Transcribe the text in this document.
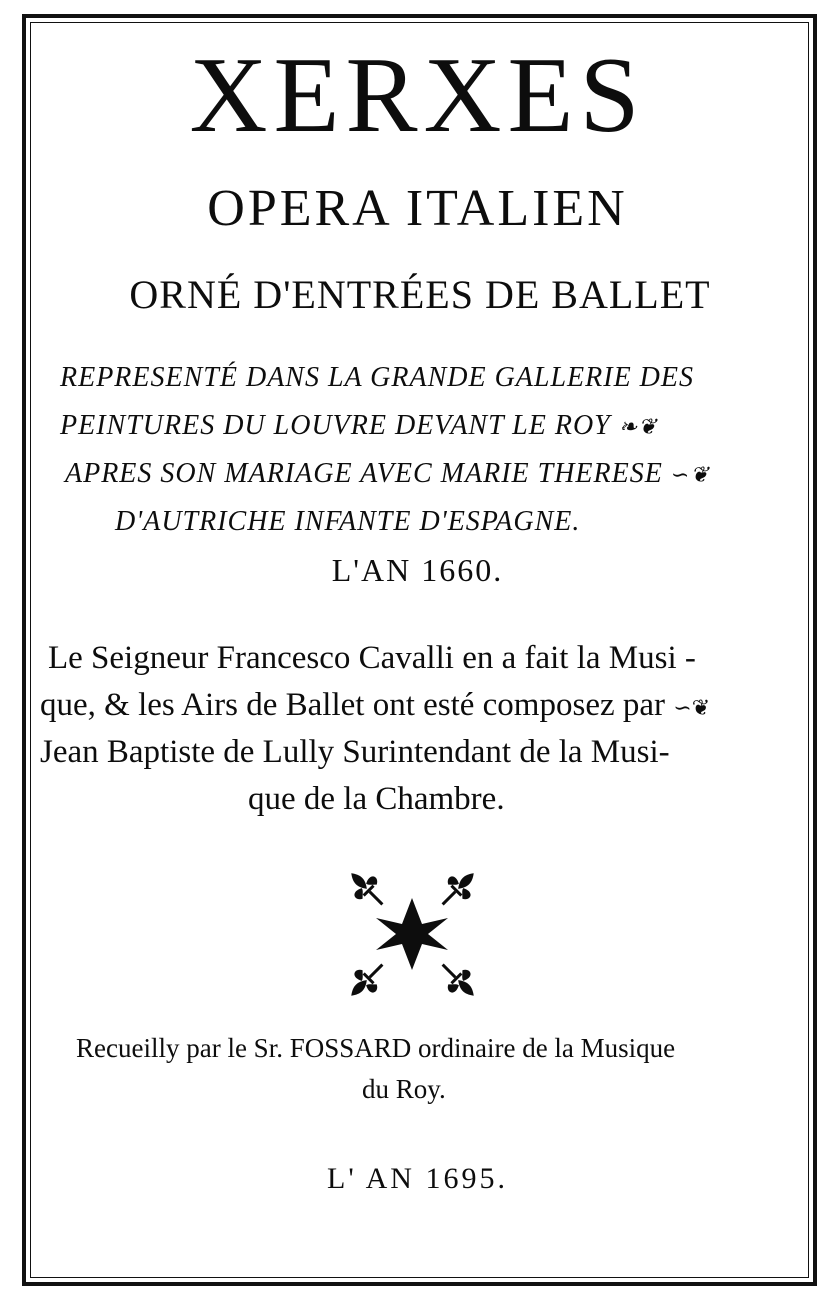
XERXES
OPERA ITALIEN
ORNÉ D'ENTRÉES DE BALLET
REPRESENTÉ DANS LA GRANDE GALLERIE DES
PEINTURES DU LOUVRE DEVANT LE ROY ❧❦
APRES SON MARIAGE AVEC MARIE THERESE ∽❦
D'AUTRICHE INFANTE D'ESPAGNE.
L'AN 1660.
Le Seigneur Francesco Cavalli en a fait la Musi -
que, & les Airs de Ballet ont esté composez par ∽❦
Jean Baptiste de Lully Surintendant de la Musi-
que de la Chambre.
Recueilly par le Sr. FOSSARD ordinaire de la Musique
du Roy.
L' AN 1695.
